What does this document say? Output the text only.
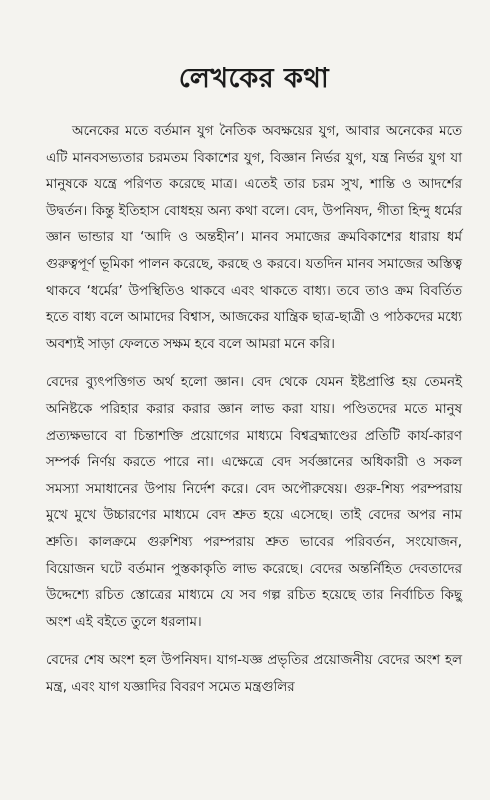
লেখকের কথা

অনেকের মতে বর্তমান যুগ নৈতিক অবক্ষয়ের যুগ, আবার অনেকের মতে এটি মানবসভ্যতার চরমতম বিকাশের যুগ, বিজ্ঞান নির্ভর যুগ, যন্ত্র নির্ভর যুগ যা মানুষকে যন্ত্রে পরিণত করেছে মাত্র। এতেই তার চরম সুখ, শান্তি ও আদর্শের উদ্বর্তন। কিন্তু ইতিহাস বোধহয় অন্য কথা বলে। বেদ, উপনিষদ, গীতা হিন্দু ধর্মের জ্ঞান ভান্ডার যা ‘আদি ও অন্তহীন’। মানব সমাজের ক্রমবিকাশের ধারায় ধর্ম গুরুত্বপূর্ণ ভূমিকা পালন করেছে, করছে ও করবে। যতদিন মানব সমাজের অস্তিত্ব থাকবে ‘ধর্মের’ উপস্থিতিও থাকবে এবং থাকতে বাধ্য। তবে তাও ক্রম বিবর্তিত হতে বাধ্য বলে আমাদের বিশ্বাস, আজকের যান্ত্রিক ছাত্র-ছাত্রী ও পাঠকদের মধ্যে অবশ্যই সাড়া ফেলতে সক্ষম হবে বলে আমরা মনে করি।

বেদের ব্যুৎপত্তিগত অর্থ হলো জ্ঞান। বেদ থেকে যেমন ইষ্টপ্রাপ্তি হয় তেমনই অনিষ্টকে পরিহার করার করার জ্ঞান লাভ করা যায়। পণ্ডিতদের মতে মানুষ প্রত্যক্ষভাবে বা চিন্তাশক্তি প্রয়োগের মাধ্যমে বিশ্বব্রহ্মাণ্ডের প্রতিটি কার্য-কারণ সম্পর্ক নির্ণয় করতে পারে না। এক্ষেত্রে বেদ সর্বজ্ঞানের অধিকারী ও সকল সমস্যা সমাধানের উপায় নির্দেশ করে। বেদ অপৌরুষেয়। গুরু-শিষ্য পরম্পরায় মুখে মুখে উচ্চারণের মাধ্যমে বেদ শ্রুত হয়ে এসেছে। তাই বেদের অপর নাম শ্রুতি। কালক্রমে গুরুশিষ্য পরম্পরায় শ্রুত ভাবের পরিবর্তন, সংযোজন, বিয়োজন ঘটে বর্তমান পুস্তকাকৃতি লাভ করেছে। বেদের অন্তর্নিহিত দেবতাদের উদ্দেশ্যে রচিত স্তোত্রের মাধ্যমে যে সব গল্প রচিত হয়েছে তার নির্বাচিত কিছু অংশ এই বইতে তুলে ধরলাম।

বেদের শেষ অংশ হল উপনিষদ। যাগ-যজ্ঞ প্রভৃতির প্রয়োজনীয় বেদের অংশ হল মন্ত্র, এবং যাগ যজ্ঞাদির বিবরণ সমেত মন্ত্রগুলির
